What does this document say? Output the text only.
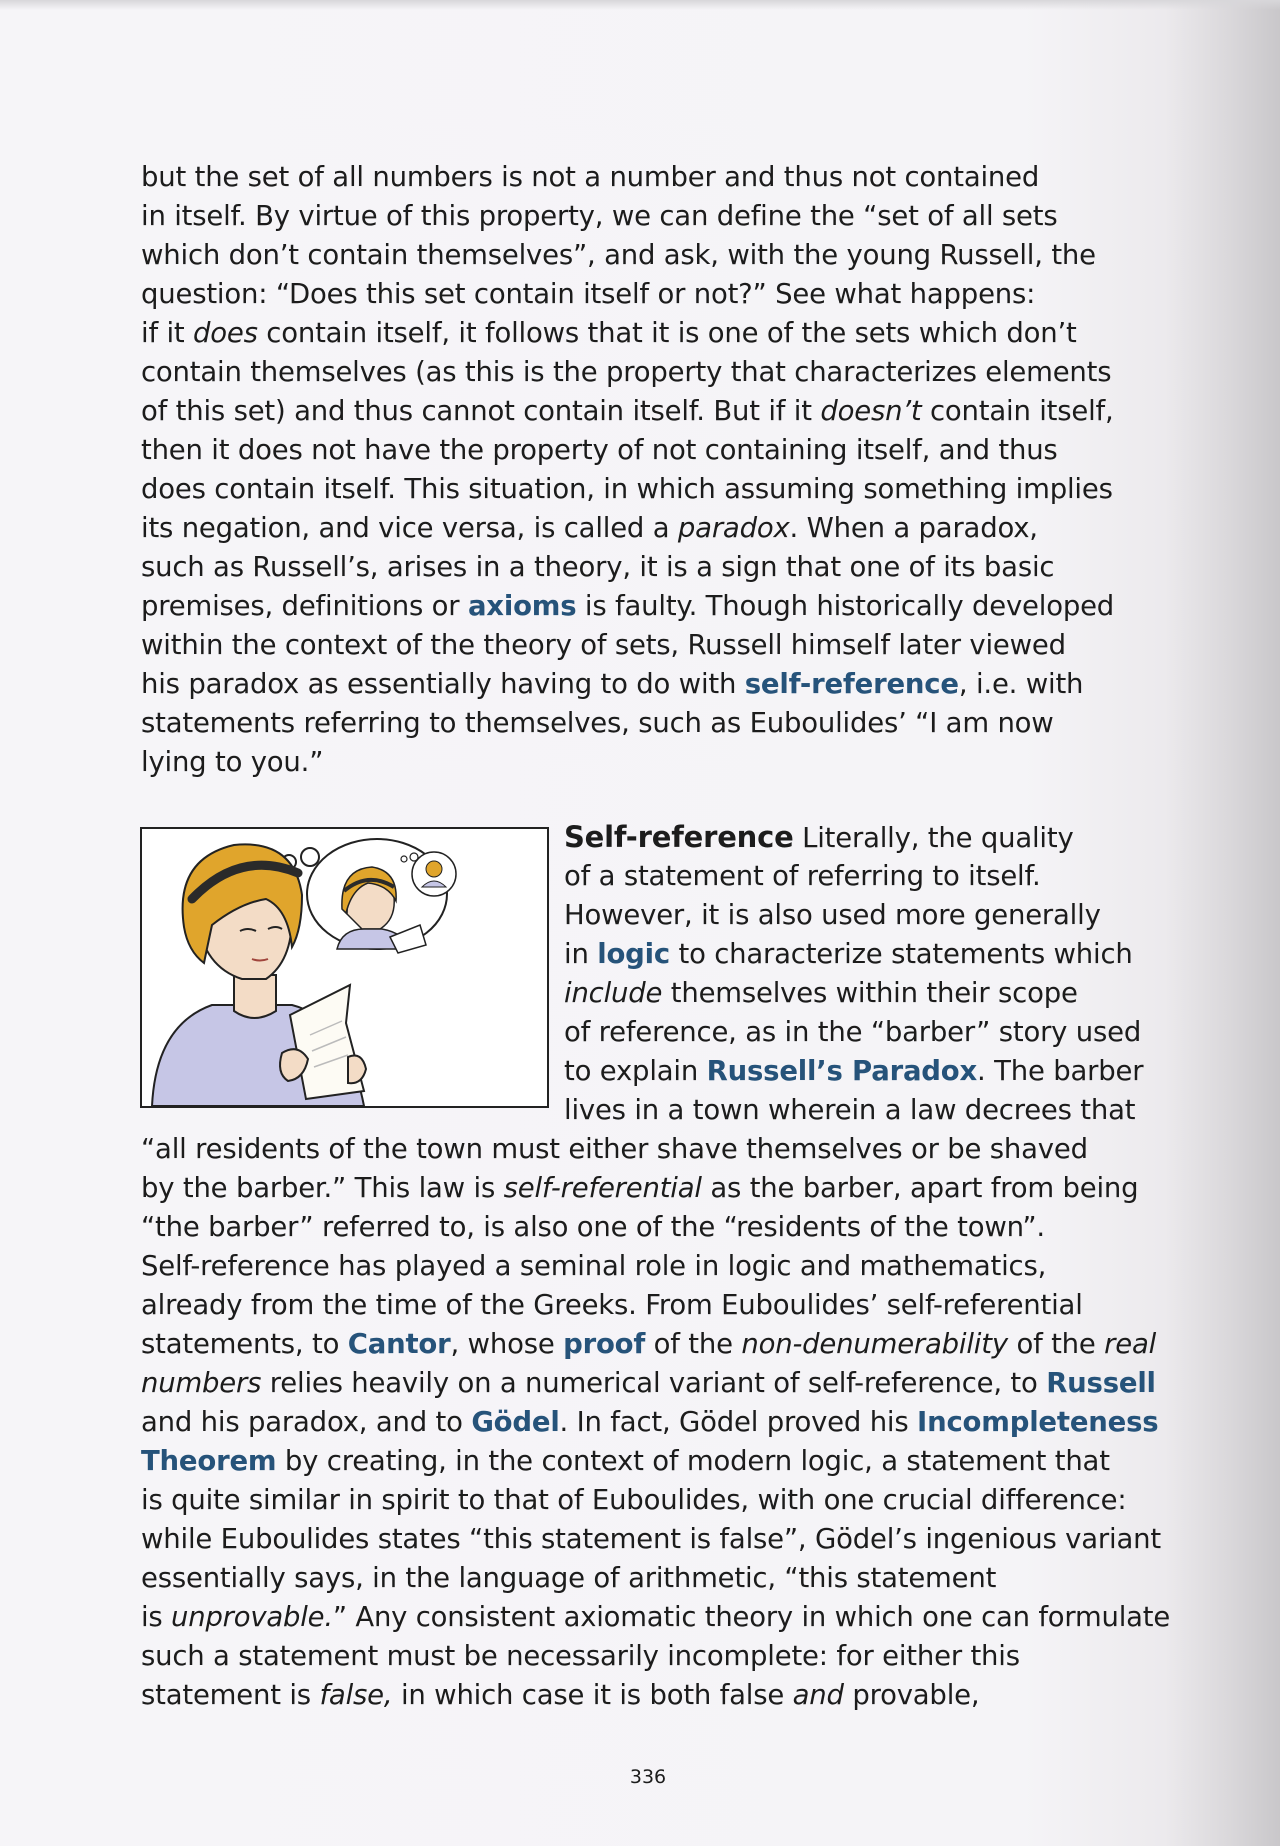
but the set of all numbers is not a number and thus not contained
in itself. By virtue of this property, we can define the “set of all sets
which don’t contain themselves”, and ask, with the young Russell, the
question: “Does this set contain itself or not?” See what happens:
if it does contain itself, it follows that it is one of the sets which don’t
contain themselves (as this is the property that characterizes elements
of this set) and thus cannot contain itself. But if it doesn’t contain itself,
then it does not have the property of not containing itself, and thus
does contain itself. This situation, in which assuming something implies
its negation, and vice versa, is called a paradox. When a paradox,
such as Russell’s, arises in a theory, it is a sign that one of its basic
premises, definitions or axioms is faulty. Though historically developed
within the context of the theory of sets, Russell himself later viewed
his paradox as essentially having to do with self-reference, i.e. with
statements referring to themselves, such as Euboulides’ “I am now
lying to you.”
Self-reference Literally, the quality
of a statement of referring to itself.
However, it is also used more generally
in logic to characterize statements which
include themselves within their scope
of reference, as in the “barber” story used
to explain Russell’s Paradox. The barber
lives in a town wherein a law decrees that
“all residents of the town must either shave themselves or be shaved
by the barber.” This law is self-referential as the barber, apart from being
“the barber” referred to, is also one of the “residents of the town”.
Self-reference has played a seminal role in logic and mathematics,
already from the time of the Greeks. From Euboulides’ self-referential
statements, to Cantor, whose proof of the non-denumerability of the real
numbers relies heavily on a numerical variant of self-reference, to Russell
and his paradox, and to Gödel. In fact, Gödel proved his Incompleteness
Theorem by creating, in the context of modern logic, a statement that
is quite similar in spirit to that of Euboulides, with one crucial difference:
while Euboulides states “this statement is false”, Gödel’s ingenious variant
essentially says, in the language of arithmetic, “this statement
is unprovable.” Any consistent axiomatic theory in which one can formulate
such a statement must be necessarily incomplete: for either this
statement is false, in which case it is both false and provable,
336
